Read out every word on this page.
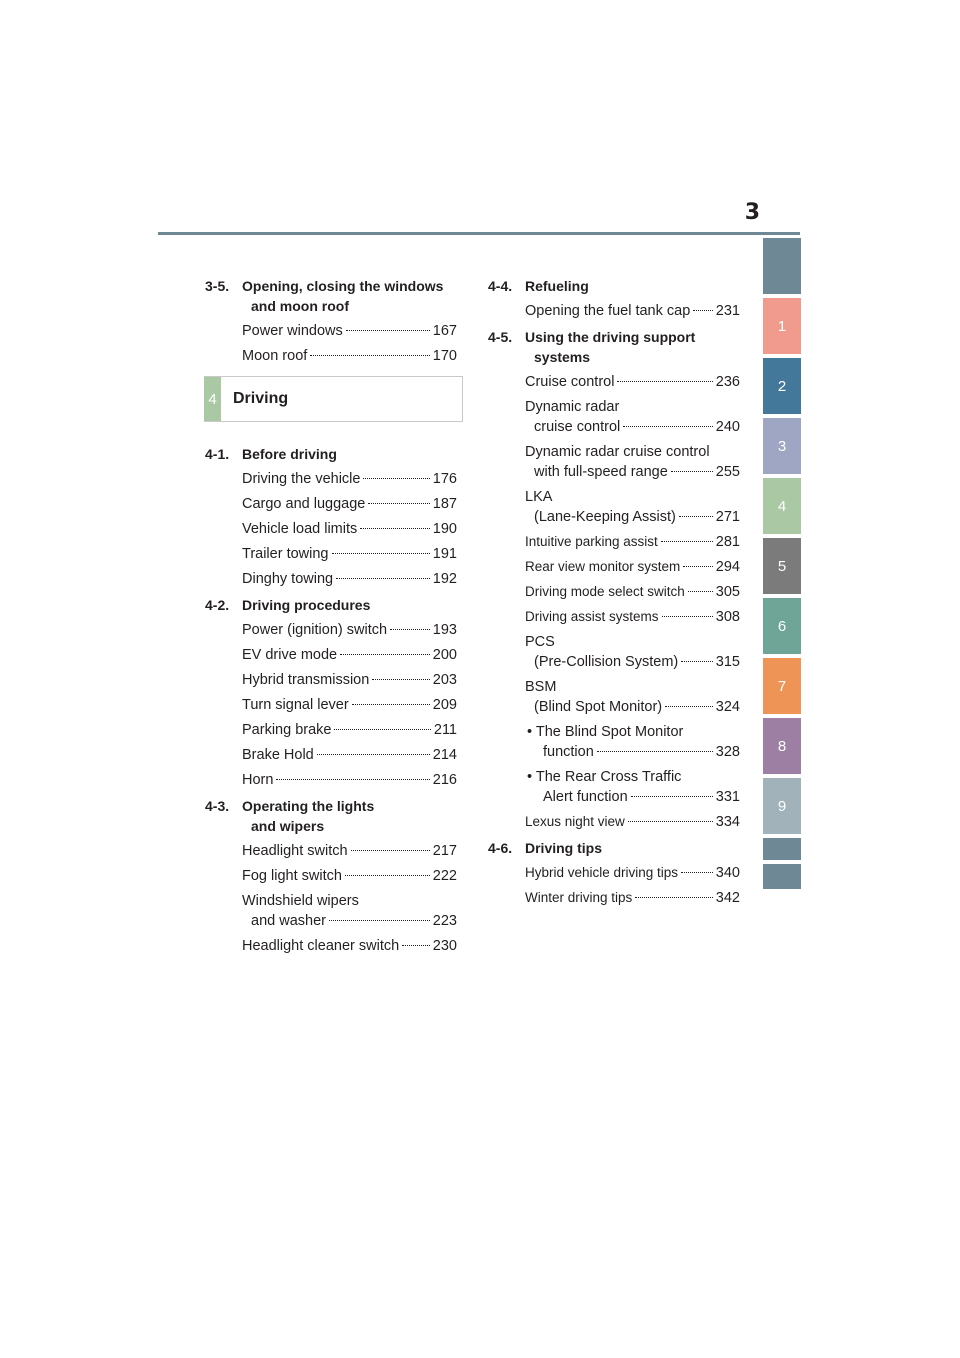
3
1
2
3
4
5
6
7
8
9
3-5. Opening, closing the windows
and moon roof
Power windows	167
Moon roof	170
4 Driving
4-1. Before driving
Driving the vehicle	176
Cargo and luggage	187
Vehicle load limits	190
Trailer towing	191
Dinghy towing	192
4-2. Driving procedures
Power (ignition) switch	193
EV drive mode	200
Hybrid transmission	203
Turn signal lever	209
Parking brake	211
Brake Hold	214
Horn	216
4-3. Operating the lights
and wipers
Headlight switch	217
Fog light switch	222
Windshield wipers
and washer	223
Headlight cleaner switch 230
4-4. Refueling
Opening the fuel tank cap 231
4-5. Using the driving support
systems
Cruise control	236
Dynamic radar
cruise control	240
Dynamic radar cruise control
with full-speed range	255
LKA
(Lane-Keeping Assist)	271
Intuitive parking assist	281
Rear view monitor system 294
Driving mode select switch 305
Driving assist systems	308
PCS
(Pre-Collision System)	315
BSM
(Blind Spot Monitor)	324
• The Blind Spot Monitor
function	328
• The Rear Cross Traffic
Alert function	331
Lexus night view	334
4-6. Driving tips
Hybrid vehicle driving tips	340
Winter driving tips	342
